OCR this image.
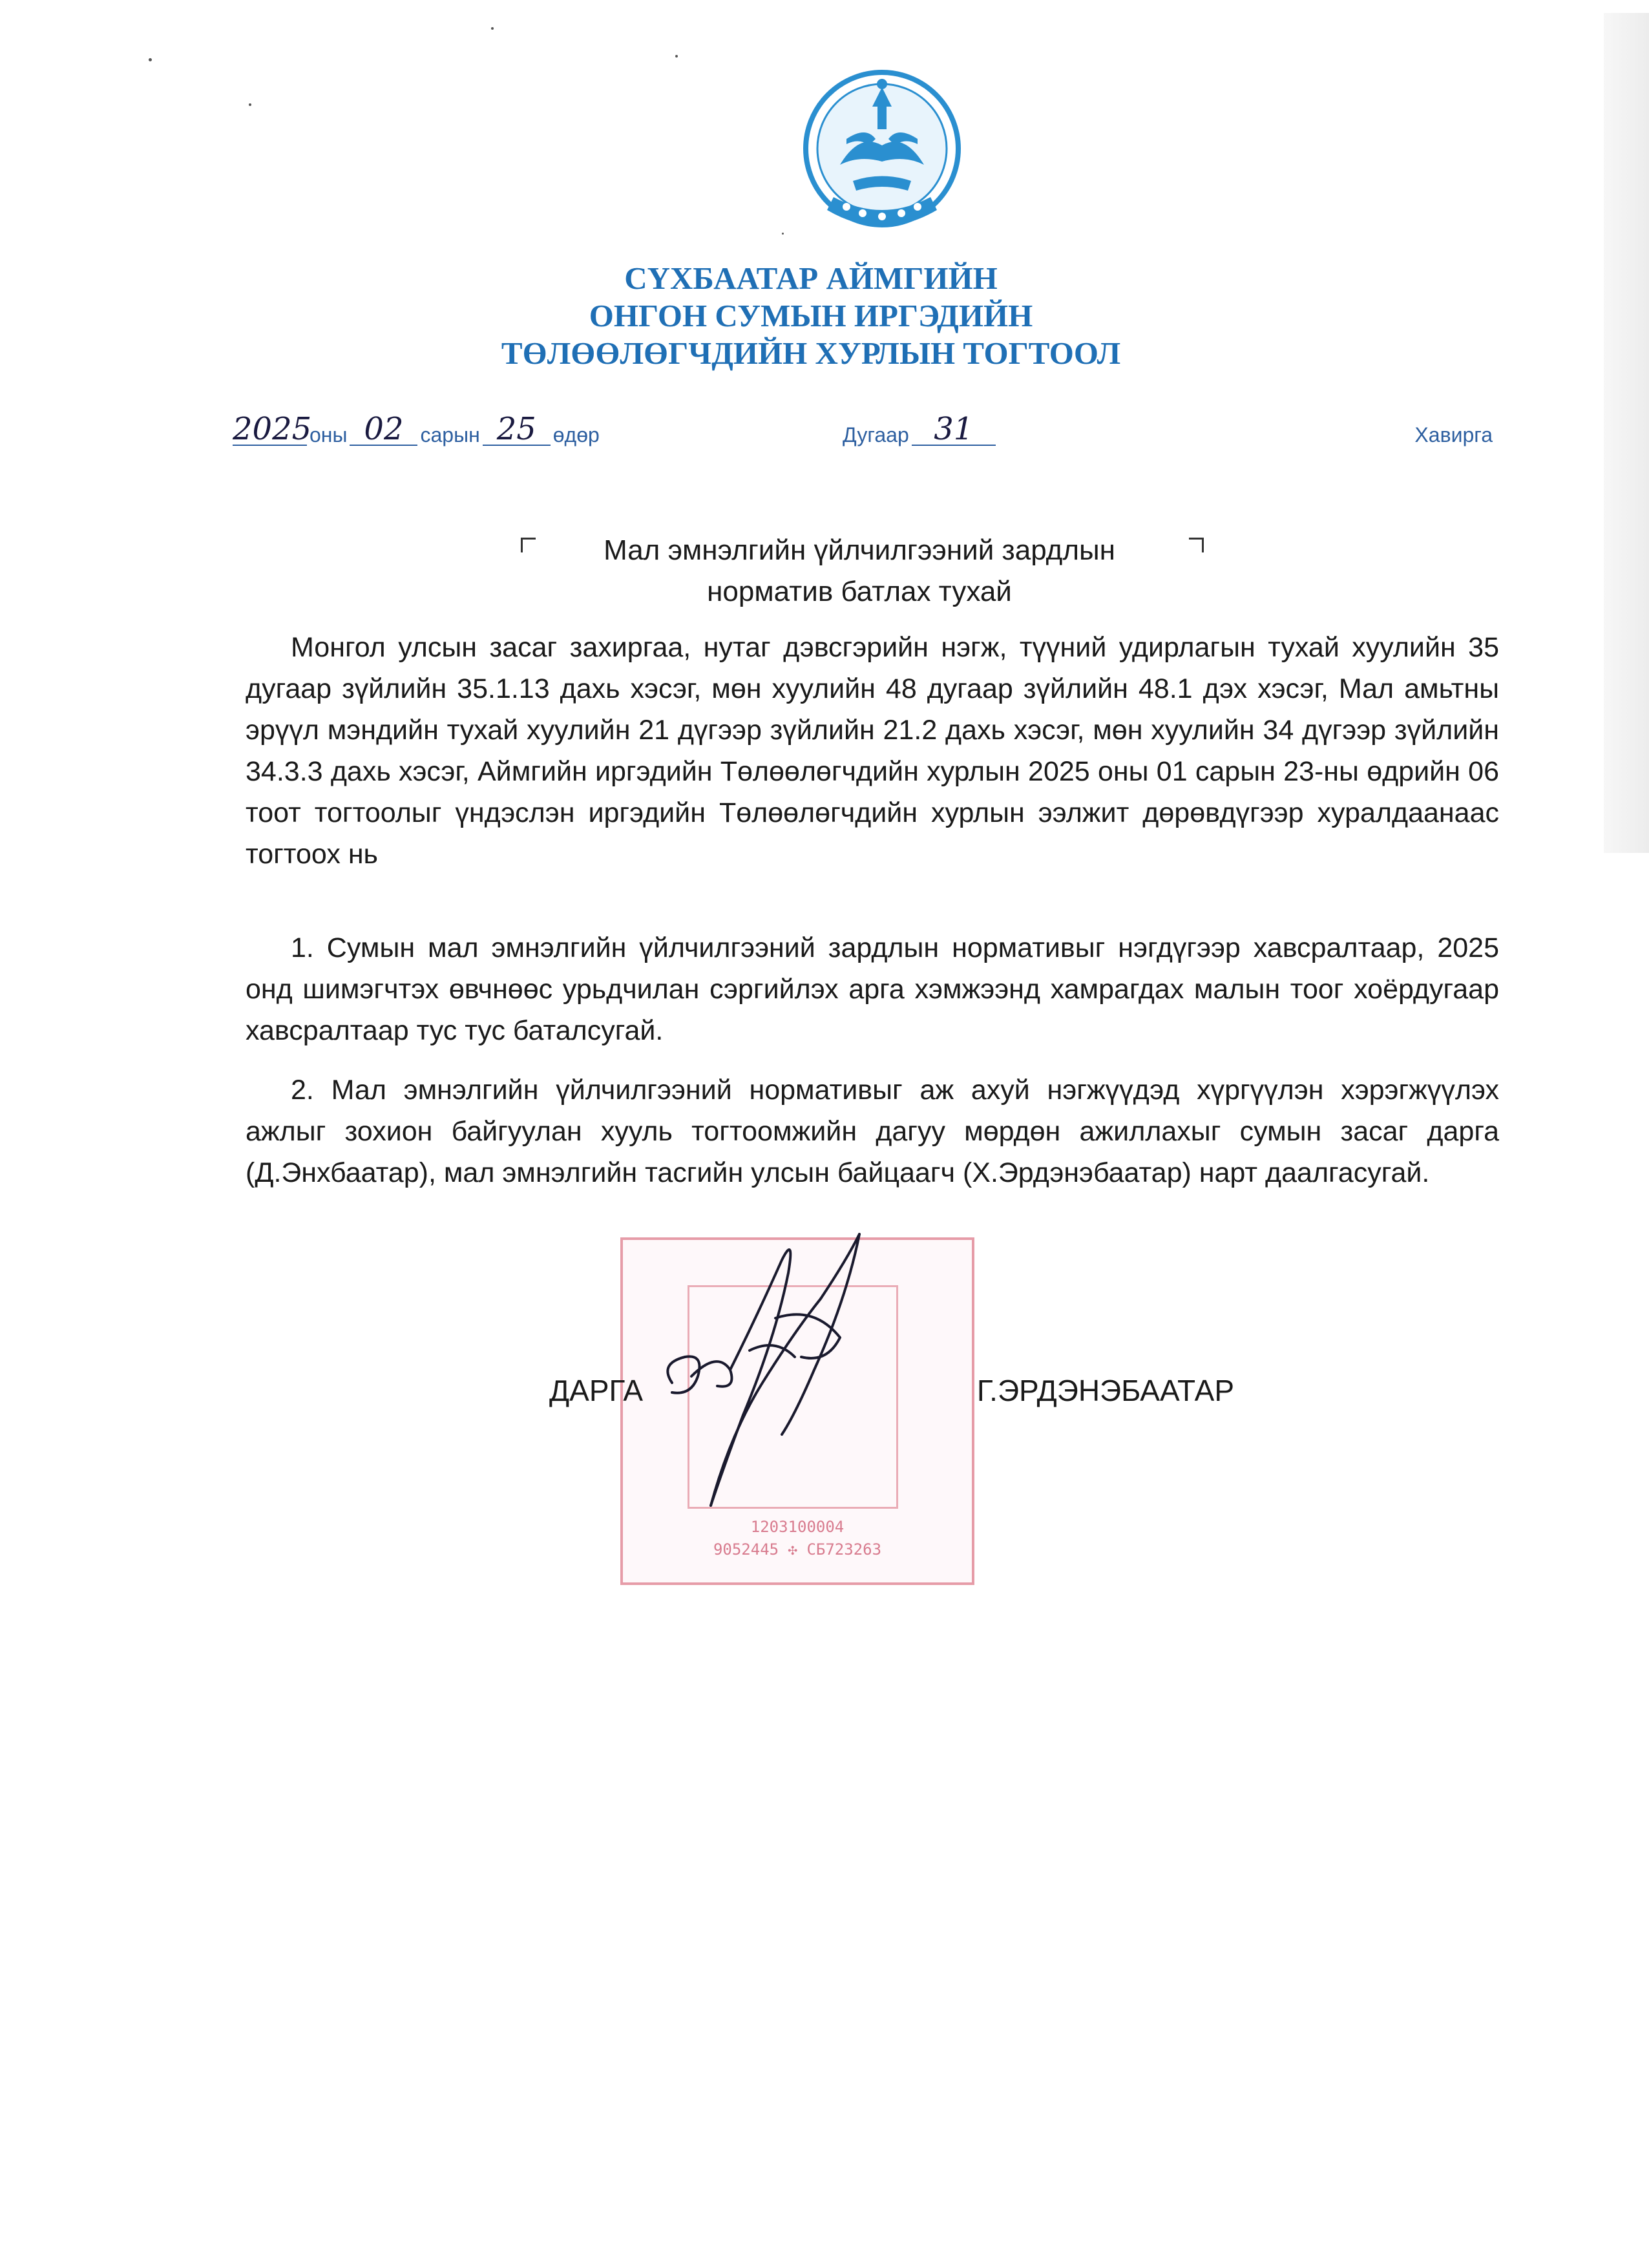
СҮХБААТАР АЙМГИЙН
ОНГОН СУМЫН ИРГЭДИЙН
ТӨЛӨӨЛӨГЧДИЙН ХУРЛЫН ТОГТООЛ
2025оны 02 сарын 25 өдөр	Дугаар 31	Хавирга
Мал эмнэлгийн үйлчилгээний зардлын
норматив батлах тухай

Монгол улсын засаг захиргаа, нутаг дэвсгэрийн нэгж, түүний удирлагын тухай хуулийн 35 дугаар зүйлийн 35.1.13 дахь хэсэг, мөн хуулийн 48 дугаар зүйлийн 48.1 дэх хэсэг, Мал амьтны эрүүл мэндийн тухай хуулийн 21 дүгээр зүйлийн 21.2 дахь хэсэг, мөн хуулийн 34 дүгээр зүйлийн 34.3.3 дахь хэсэг, Аймгийн иргэдийн Төлөөлөгчдийн хурлын 2025 оны 01 сарын 23-ны өдрийн 06 тоот тогтоолыг үндэслэн иргэдийн Төлөөлөгчдийн хурлын ээлжит дөрөвдүгээр хуралдаанаас тогтоох нь

1. Сумын мал эмнэлгийн үйлчилгээний зардлын нормативыг нэгдүгээр хавсралтаар, 2025 онд шимэгчтэх өвчнөөс урьдчилан сэргийлэх арга хэмжээнд хамрагдах малын тоог хоёрдугаар хавсралтаар тус тус баталсугай.

2. Мал эмнэлгийн үйлчилгээний нормативыг аж ахуй нэгжүүдэд хүргүүлэн хэрэгжүүлэх ажлыг зохион байгуулан хууль тогтоомжийн дагуу мөрдөн ажиллахыг сумын засаг дарга (Д.Энхбаатар), мал эмнэлгийн тасгийн улсын байцаагч (Х.Эрдэнэбаатар) нарт даалгасугай.

1203100004
9052445 ✣ СБ723263
ДАРГА	Г.ЭРДЭНЭБААТАР
